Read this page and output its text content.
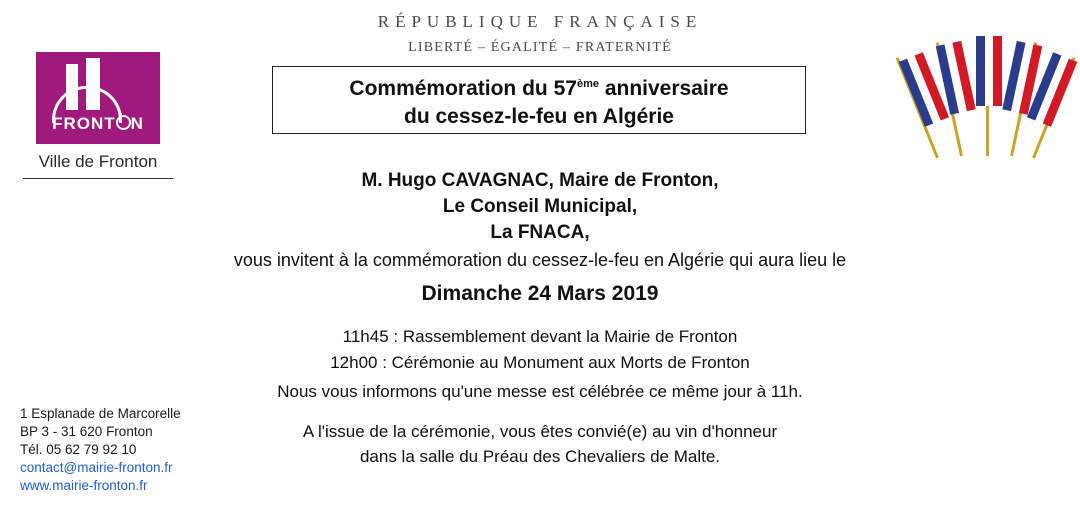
RÉPUBLIQUE FRANÇAISE
LIBERTÉ – ÉGALITÉ – FRATERNITÉ
FRONT N
Ville de Fronton
Commémoration du 57ème anniversaire
du cessez-le-feu en Algérie
M. Hugo CAVAGNAC, Maire de Fronton,
Le Conseil Municipal,
La FNACA,
vous invitent à la commémoration du cessez-le-feu en Algérie qui aura lieu le
Dimanche 24 Mars 2019
11h45 : Rassemblement devant la Mairie de Fronton
12h00 : Cérémonie au Monument aux Morts de Fronton
Nous vous informons qu'une messe est célébrée ce même jour à 11h.
A l'issue de la cérémonie, vous êtes convié(e) au vin d'honneur
dans la salle du Préau des Chevaliers de Malte.
1 Esplanade de Marcorelle
BP 3 - 31 620 Fronton
Tél. 05 62 79 92 10
contact@mairie-fronton.fr
www.mairie-fronton.fr
